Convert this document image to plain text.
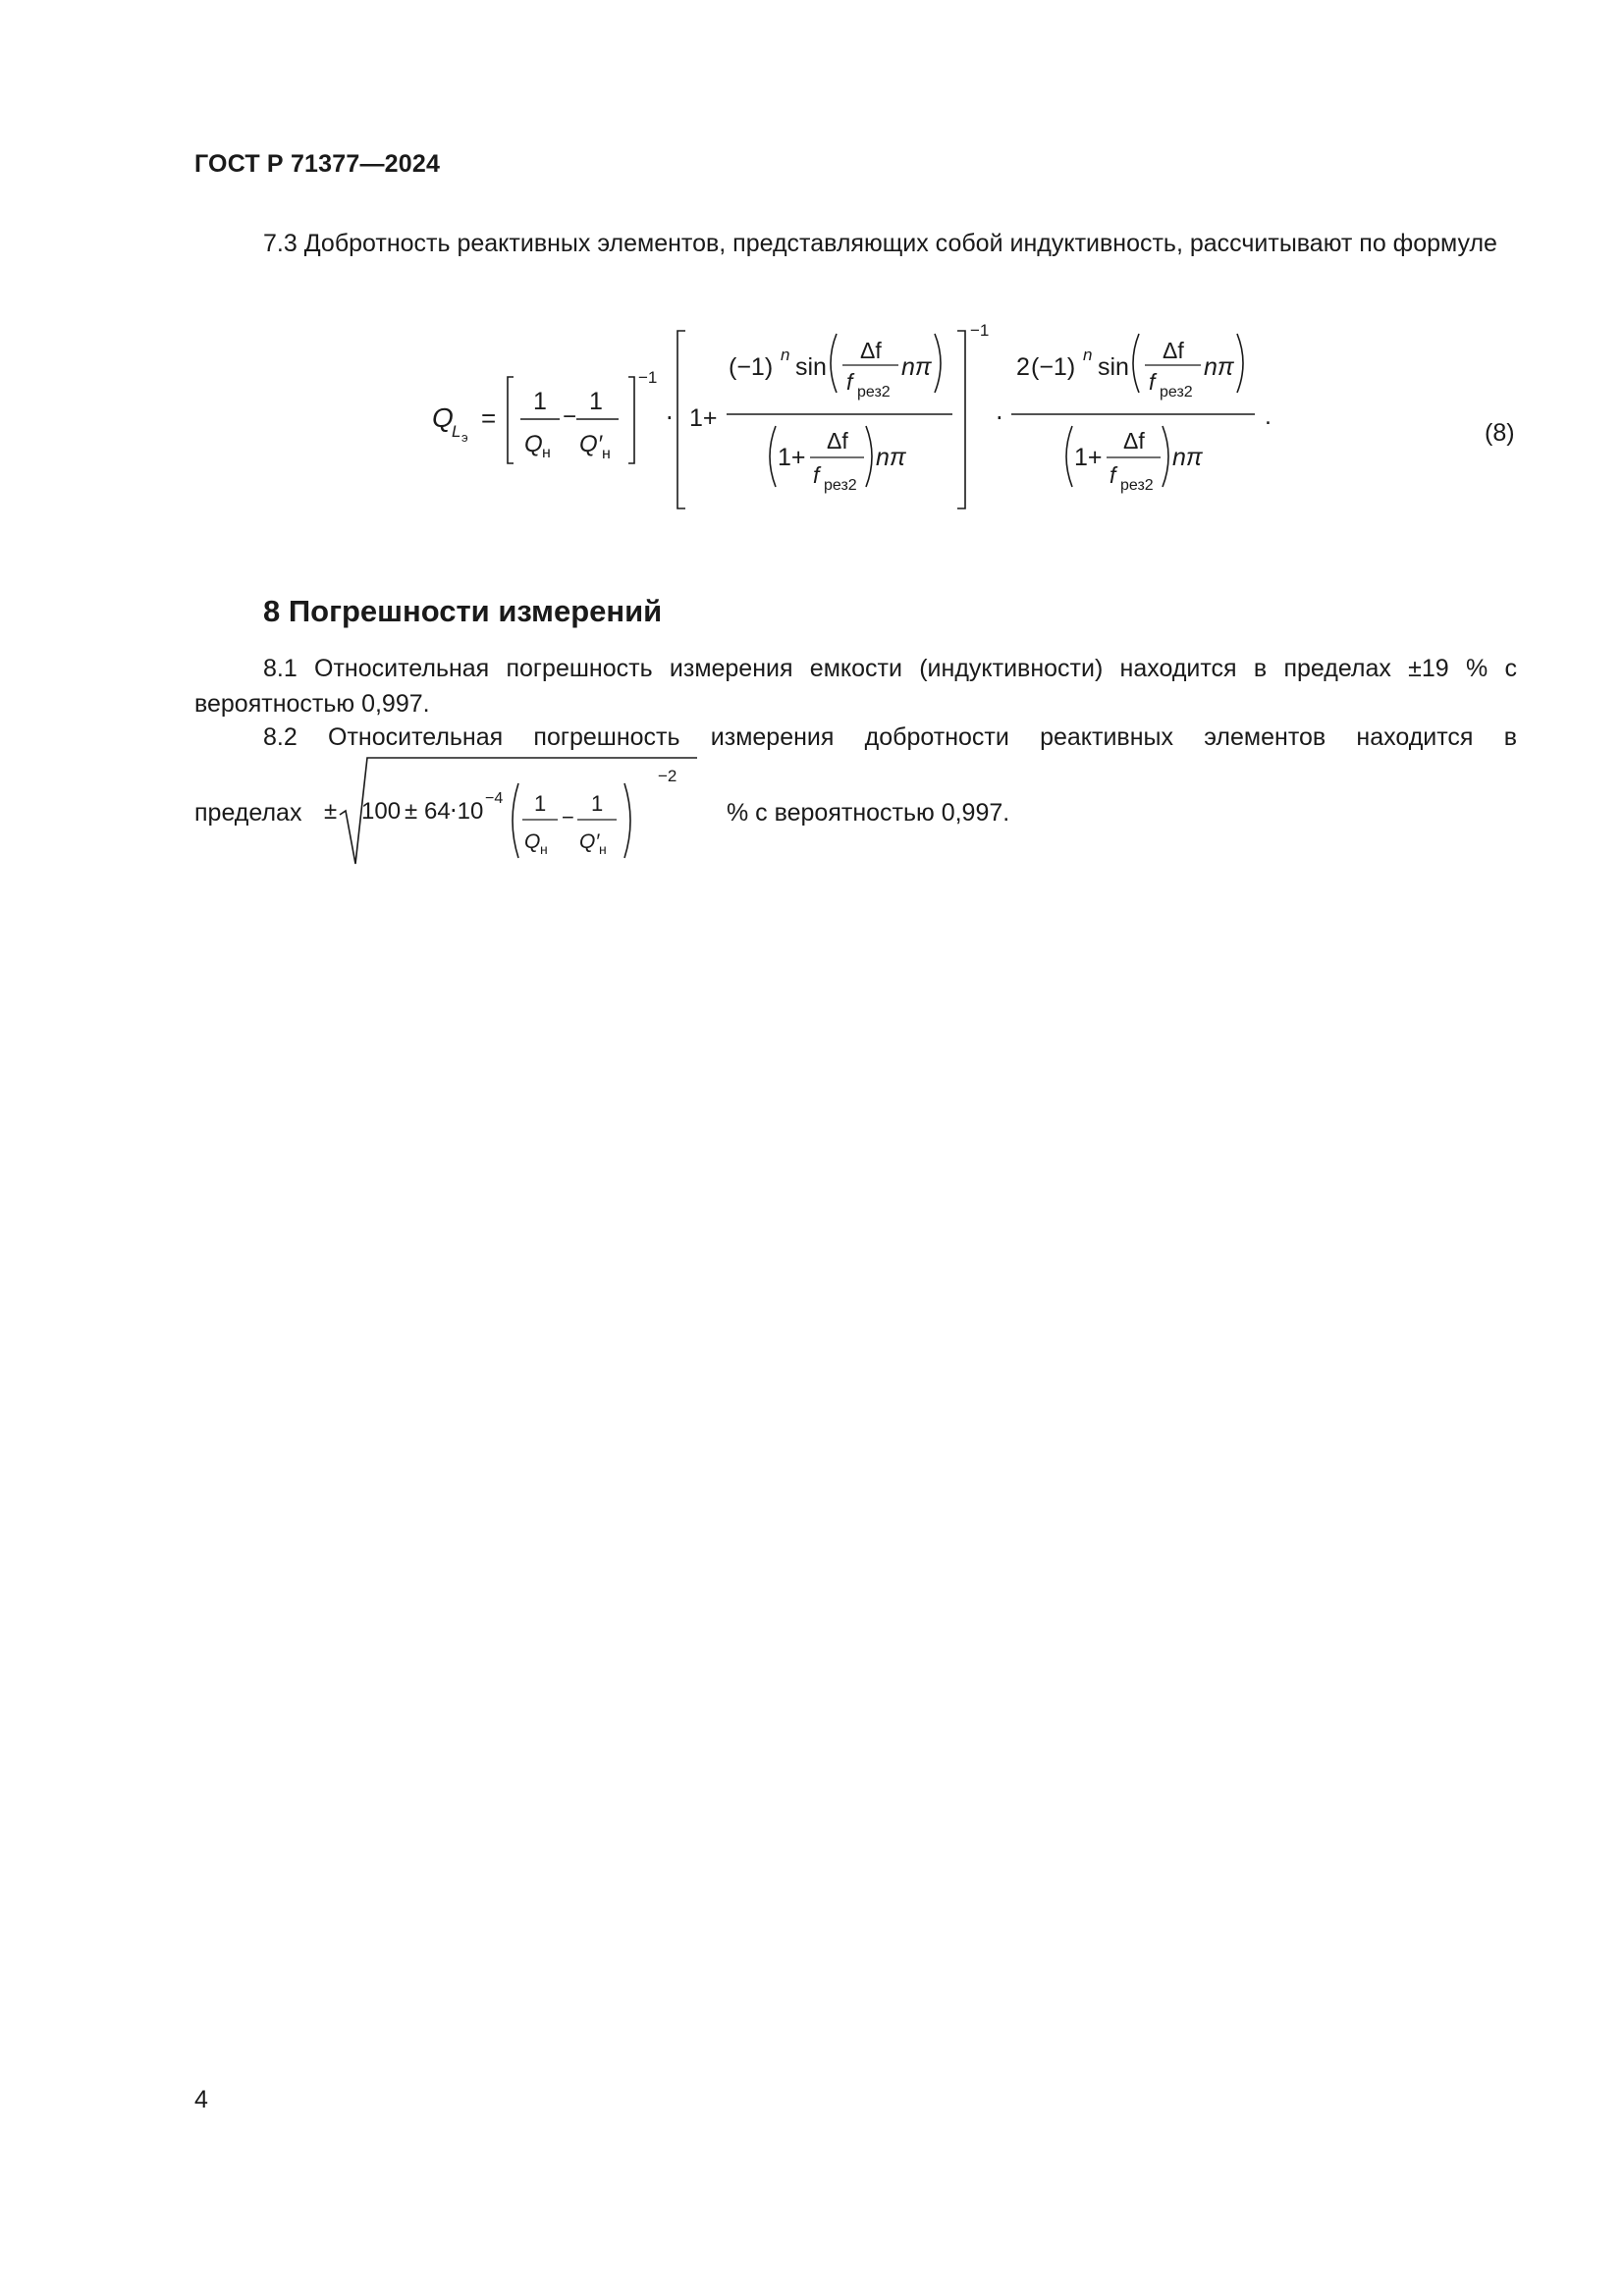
ГОСТ Р 71377—2024
7.3 Добротность реактивных элементов, представляющих собой индуктивность, рассчитывают по формуле
Q
L э
=
1
Q н
−
1
Q′ н
−1
⋅ 1+
(−1) n sin
Δf
f рез2
nπ
1+
Δf
f рез2
nπ
−1
⋅
2 (−1) n sin
Δf
f рез2
nπ
1+
Δf
f рез2
nπ
.
(8)
8 Погрешности измерений
8.1 Относительная погрешность измерения емкости (индуктивности) находится в пределах ±19 % с вероятностью 0,997.
8.2 Относительная погрешность измерения добротности реактивных элементов находится в
пределах ± 100 ± 64 ⋅10 −4 1
Q н
−
1
Q′ н
−2
% с вероятностью 0,997.
4
